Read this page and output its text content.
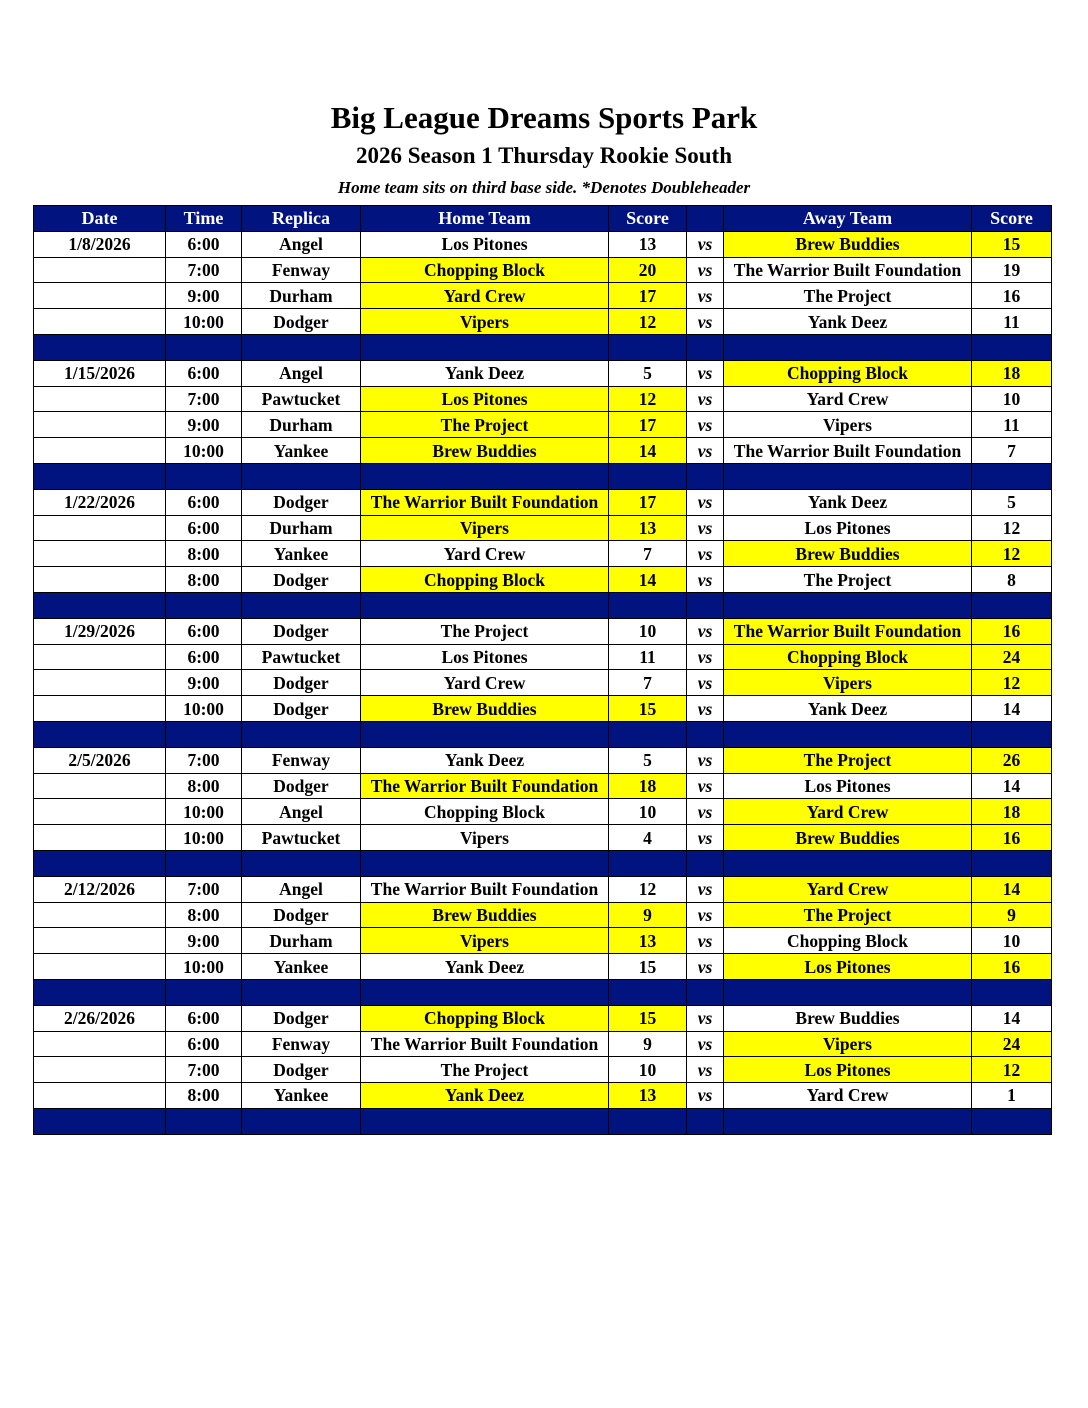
Big League Dreams Sports Park
2026 Season 1 Thursday Rookie South
Home team sits on third base side. *Denotes Doubleheader
Date	Time	Replica	Home Team	Score		Away Team	Score
1/8/2026	6:00	Angel	Los Pitones	13	vs	Brew Buddies	15
	7:00	Fenway	Chopping Block	20	vs	The Warrior Built Foundation	19
	9:00	Durham	Yard Crew	17	vs	The Project	16
	10:00	Dodger	Vipers	12	vs	Yank Deez	11

1/15/2026	6:00	Angel	Yank Deez	5	vs	Chopping Block	18
	7:00	Pawtucket	Los Pitones	12	vs	Yard Crew	10
	9:00	Durham	The Project	17	vs	Vipers	11
	10:00	Yankee	Brew Buddies	14	vs	The Warrior Built Foundation	7

1/22/2026	6:00	Dodger	The Warrior Built Foundation	17	vs	Yank Deez	5
	6:00	Durham	Vipers	13	vs	Los Pitones	12
	8:00	Yankee	Yard Crew	7	vs	Brew Buddies	12
	8:00	Dodger	Chopping Block	14	vs	The Project	8

1/29/2026	6:00	Dodger	The Project	10	vs	The Warrior Built Foundation	16
	6:00	Pawtucket	Los Pitones	11	vs	Chopping Block	24
	9:00	Dodger	Yard Crew	7	vs	Vipers	12
	10:00	Dodger	Brew Buddies	15	vs	Yank Deez	14

2/5/2026	7:00	Fenway	Yank Deez	5	vs	The Project	26
	8:00	Dodger	The Warrior Built Foundation	18	vs	Los Pitones	14
	10:00	Angel	Chopping Block	10	vs	Yard Crew	18
	10:00	Pawtucket	Vipers	4	vs	Brew Buddies	16

2/12/2026	7:00	Angel	The Warrior Built Foundation	12	vs	Yard Crew	14
	8:00	Dodger	Brew Buddies	9	vs	The Project	9
	9:00	Durham	Vipers	13	vs	Chopping Block	10
	10:00	Yankee	Yank Deez	15	vs	Los Pitones	16

2/26/2026	6:00	Dodger	Chopping Block	15	vs	Brew Buddies	14
	6:00	Fenway	The Warrior Built Foundation	9	vs	Vipers	24
	7:00	Dodger	The Project	10	vs	Los Pitones	12
	8:00	Yankee	Yank Deez	13	vs	Yard Crew	1
